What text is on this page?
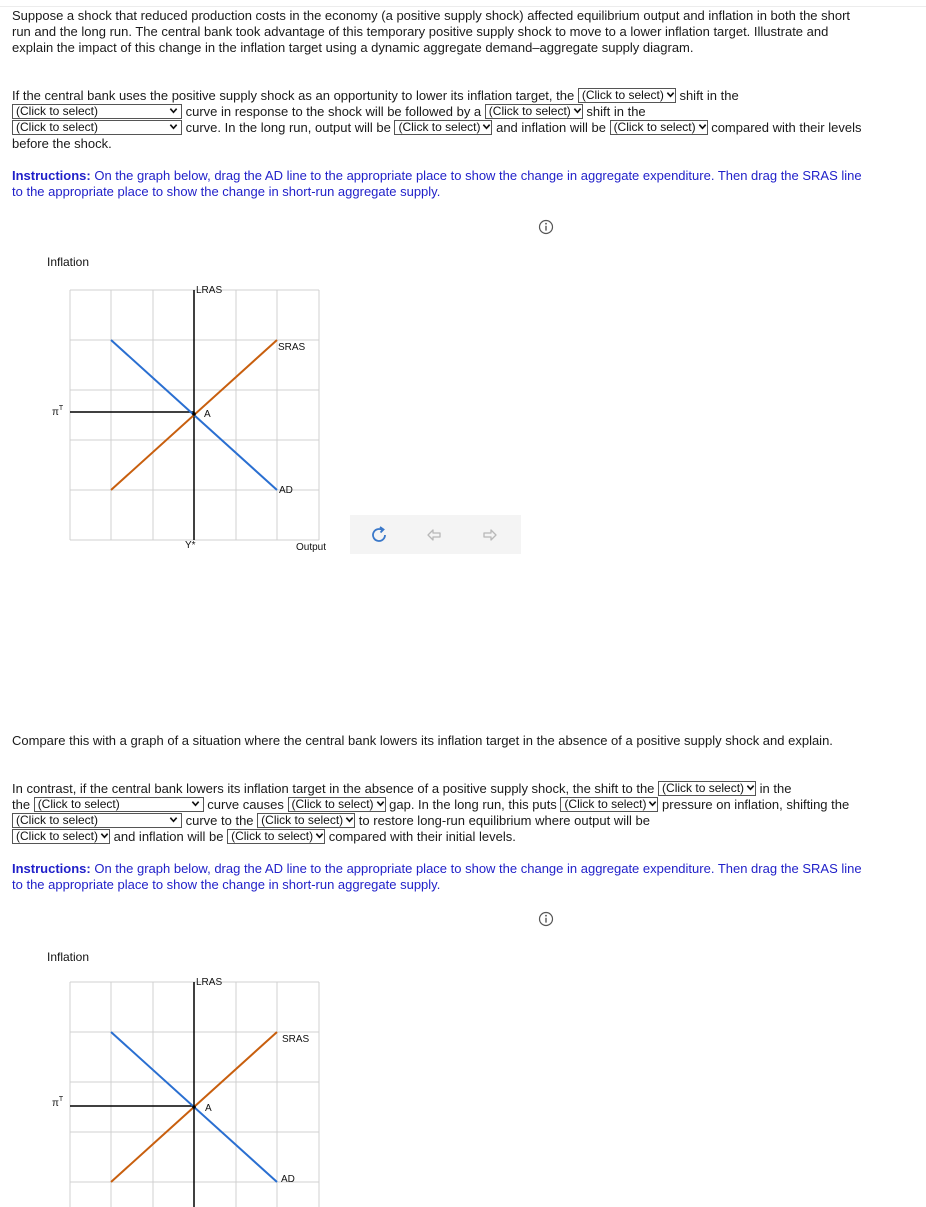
Suppose a shock that reduced production costs in the economy (a positive supply shock) affected equilibrium output and inflation in both the short run and the long run. The central bank took advantage of this temporary positive supply shock to move to a lower inflation target. Illustrate and explain the impact of this change in the inflation target using a dynamic aggregate demand–aggregate supply diagram.

If the central bank uses the positive supply shock as an opportunity to lower its inflation target, the (Click to select) shift in the
(Click to select)	curve in response to the shock will be followed by a (Click to select) shift in the
(Click to select)	curve. In the long run, output will be (Click to select) and inflation will be (Click to select) compared with their levels before the shock.

Instructions: On the graph below, drag the AD line to the appropriate place to show the change in aggregate expenditure. Then drag the SRAS line to the appropriate place to show the change in short-run aggregate supply.

Inflation
LRAS
SRAS
AD
A
$\pi^T$
Y*	Output

Compare this with a graph of a situation where the central bank lowers its inflation target in the absence of a positive supply shock and explain.

In contrast, if the central bank lowers its inflation target in the absence of a positive supply shock, the shift to the (Click to select) in the
the (Click to select)	curve causes (Click to select) gap. In the long run, this puts (Click to select) pressure on inflation, shifting the (Click to select)	curve to the (Click to select) to restore long-run equilibrium where output will be
(Click to select) and inflation will be (Click to select) compared with their initial levels.

Instructions: On the graph below, drag the AD line to the appropriate place to show the change in aggregate expenditure. Then drag the SRAS line to the appropriate place to show the change in short-run aggregate supply.

Inflation
LRAS
SRAS
AD
A
$\pi^T$
